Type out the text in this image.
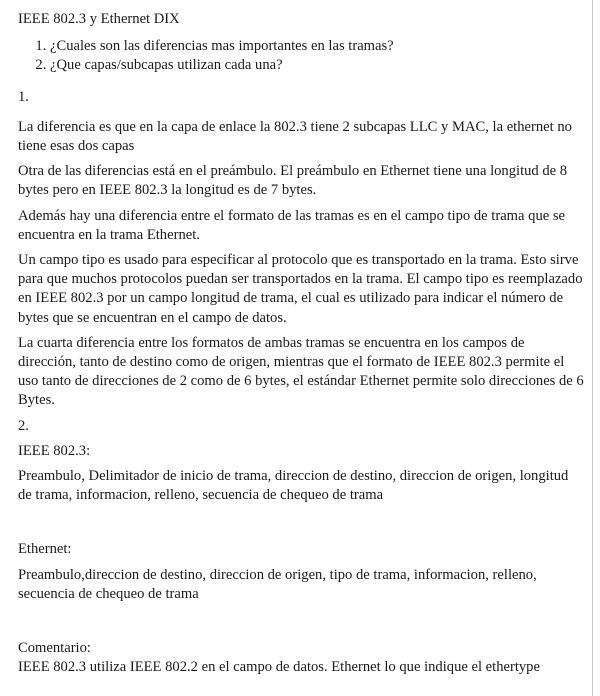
IEEE 802.3 y Ethernet DIX

1. ¿Cuales son las diferencias mas importantes en las tramas?
2. ¿Que capas/subcapas utilizan cada una?

1.

La diferencia es que en la capa de enlace la 802.3 tiene 2 subcapas LLC y MAC, la ethernet no tiene esas dos capas

Otra de las diferencias está en el preámbulo. El preámbulo en Ethernet tiene una longitud de 8 bytes pero en IEEE 802.3 la longitud es de 7 bytes.

Además hay una diferencia entre el formato de las tramas es en el campo tipo de trama que se encuentra en la trama Ethernet.

Un campo tipo es usado para especificar al protocolo que es transportado en la trama. Esto sirve para que muchos protocolos puedan ser transportados en la trama. El campo tipo es reemplazado en IEEE 802.3 por un campo longitud de trama, el cual es utilizado para indicar el número de bytes que se encuentran en el campo de datos.

La cuarta diferencia entre los formatos de ambas tramas se encuentra en los campos de dirección, tanto de destino como de origen, mientras que el formato de IEEE 802.3 permite el uso tanto de direcciones de 2 como de 6 bytes, el estándar Ethernet permite solo direcciones de 6 Bytes.

2.

IEEE 802.3:

Preambulo, Delimitador de inicio de trama, direccion de destino, direccion de origen, longitud de trama, informacion, relleno, secuencia de chequeo de trama

Ethernet:

Preambulo,direccion de destino, direccion de origen, tipo de trama, informacion, relleno, secuencia de chequeo de trama

Comentario:

IEEE 802.3 utiliza IEEE 802.2 en el campo de datos. Ethernet lo que indique el ethertype
